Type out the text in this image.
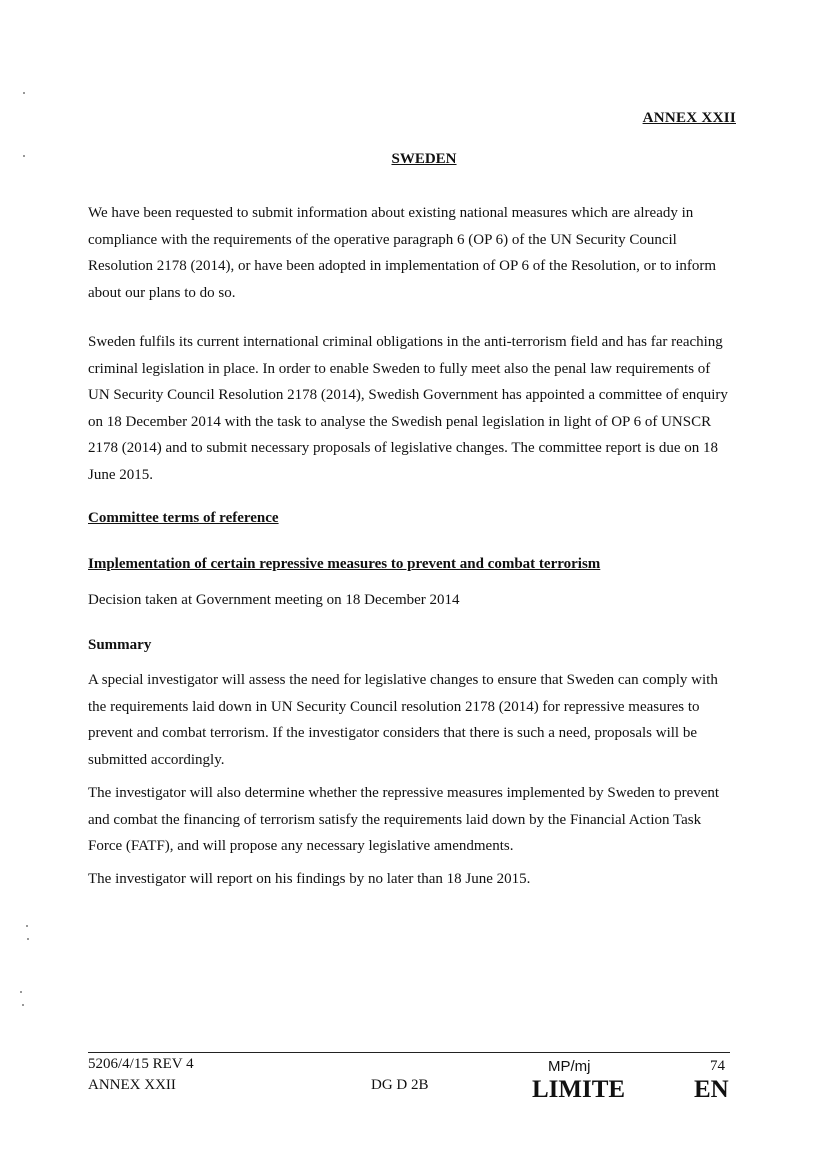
ANNEX XXII
SWEDEN

We have been requested to submit information about existing national measures which are already in compliance with the requirements of the operative paragraph 6 (OP 6) of the UN Security Council Resolution 2178 (2014), or have been adopted in implementation of OP 6 of the Resolution, or to inform about our plans to do so.

Sweden fulfils its current international criminal obligations in the anti-terrorism field and has far reaching criminal legislation in place. In order to enable Sweden to fully meet also the penal law requirements of UN Security Council Resolution 2178 (2014), Swedish Government has appointed a committee of enquiry on 18 December 2014 with the task to analyse the Swedish penal legislation in light of OP 6 of UNSCR 2178 (2014) and to submit necessary proposals of legislative changes. The committee report is due on 18 June 2015.

Committee terms of reference

Implementation of certain repressive measures to prevent and combat terrorism

Decision taken at Government meeting on 18 December 2014

Summary

A special investigator will assess the need for legislative changes to ensure that Sweden can comply with the requirements laid down in UN Security Council resolution 2178 (2014) for repressive measures to prevent and combat terrorism. If the investigator considers that there is such a need, proposals will be submitted accordingly.

The investigator will also determine whether the repressive measures implemented by Sweden to prevent and combat the financing of terrorism satisfy the requirements laid down by the Financial Action Task Force (FATF), and will propose any necessary legislative amendments.

The investigator will report on his findings by no later than 18 June 2015.

5206/4/15 REV 4
ANNEX XXII	DG D 2B
MP/mj	74
LIMITE	EN
